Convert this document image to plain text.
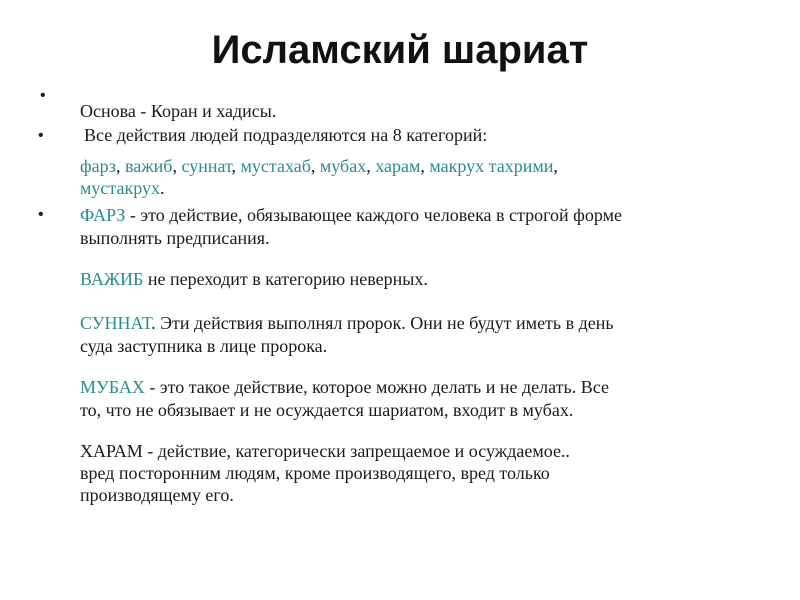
Исламский шариат
•
Основа - Коран и хадисы.
• Все действия людей подразделяются на 8 категорий:
фарз, важиб, суннат, мустахаб, мубах, харам, макрух тахрими,
мустакрух.
• ФАРЗ - это действие, обязывающее каждого человека в строгой форме
выполнять предписания.
ВАЖИБ не переходит в категорию неверных.
СУННАТ. Эти действия выполнял пророк. Они не будут иметь в день
суда заступника в лице пророка.
МУБАХ - это такое действие, которое можно делать и не делать. Все
то, что не обязывает и не осуждается шариатом, входит в мубах.
ХАРАМ - действие, категорически запрещаемое и осуждаемое..
вред посторонним людям, кроме производящего, вред только
производящему его.
